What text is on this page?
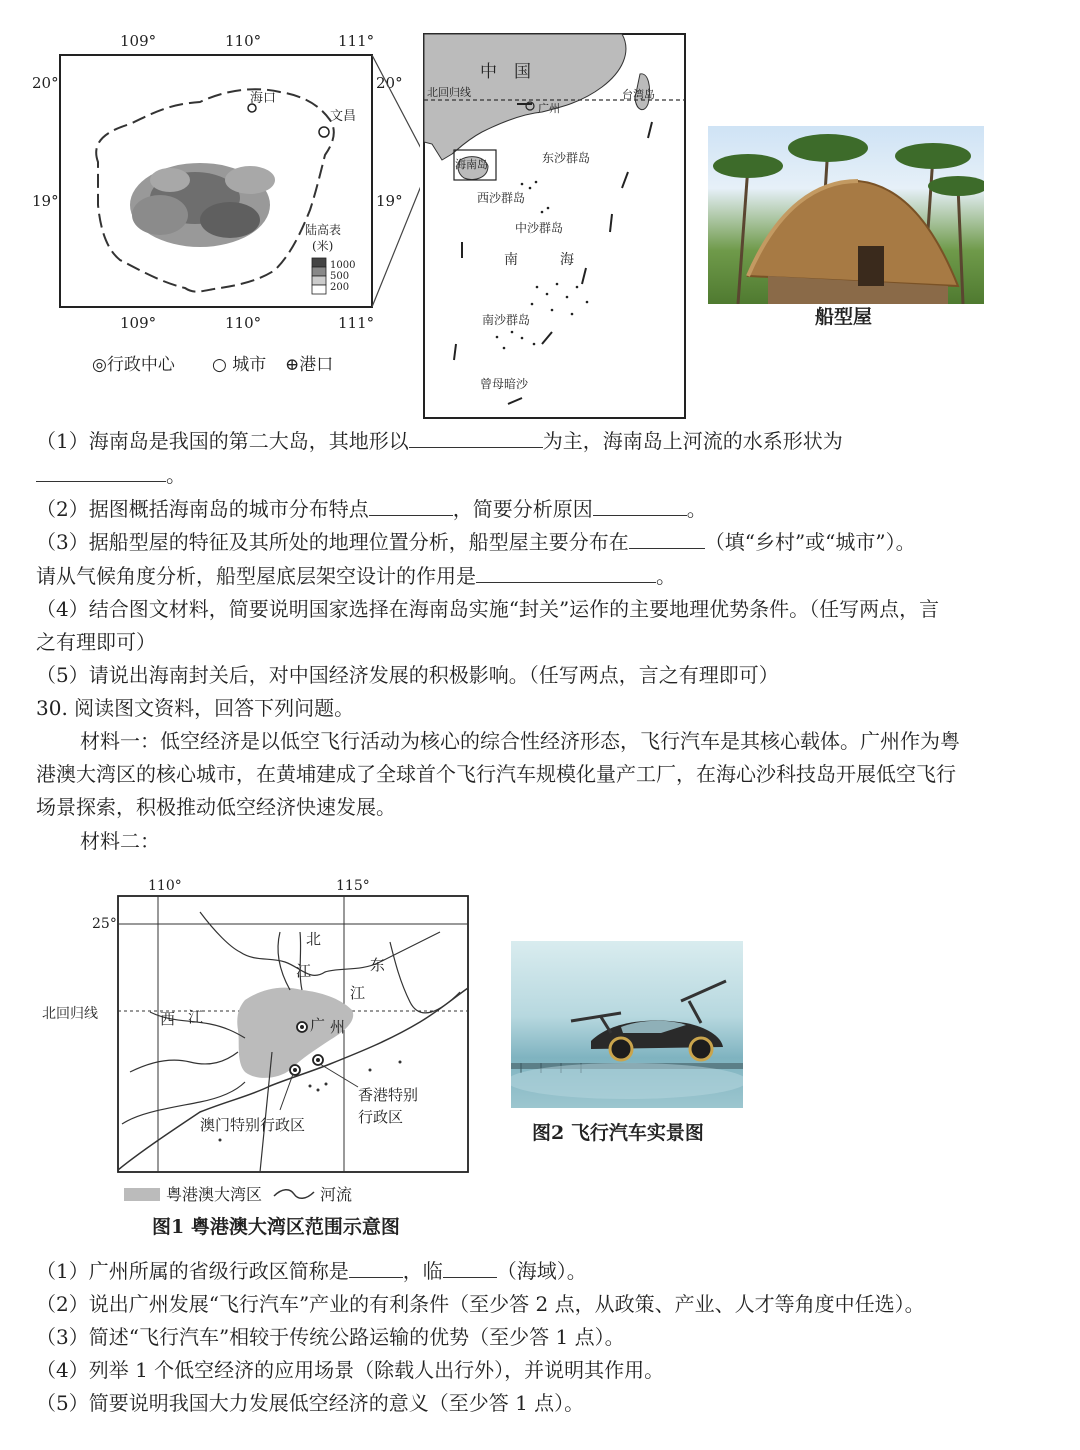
109°	110°	111°
109°	110°	111°
20°
19°
20°
19°
海口
文昌
陆高表
(米)
1000
500
200
◎行政中心 ○ 城市 ⊕港口
中　国
北回归线
广州
台湾岛
海南岛	东沙群岛
西沙群岛
中沙群岛
南	海
南沙群岛
曾母暗沙
船型屋
（1）海南岛是我国的第二大岛，其地形以	为主，海南岛上河流的水系形状为
。
（2）据图概括海南岛的城市分布特点	，简要分析原因	。
（3）据船型屋的特征及其所处的地理位置分析，船型屋主要分布在	（填“乡村”或“城市”）。
请从气候角度分析，船型屋底层架空设计的作用是	。
（4）结合图文材料，简要说明国家选择在海南岛实施“封关”运作的主要地理优势条件。（任写两点，言
之有理即可）
（5）请说出海南封关后，对中国经济发展的积极影响。（任写两点，言之有理即可）
30. 阅读图文资料，回答下列问题。
材料一：低空经济是以低空飞行活动为核心的综合性经济形态，飞行汽车是其核心载体。广州作为粤
港澳大湾区的核心城市，在黄埔建成了全球首个飞行汽车规模化量产工厂，在海心沙科技岛开展低空飞行
场景探索，积极推动低空经济快速发展。
材料二：
110°	115°
25°
北回归线
北
江	东
江
西 江	广 州
香港特别
行政区
澳门特别行政区
粤港澳大湾区	河流
图1 粤港澳大湾区范围示意图
图2 飞行汽车实景图
（1）广州所属的省级行政区简称是	，临	（海域）。
（2）说出广州发展“飞行汽车”产业的有利条件（至少答 2 点，从政策、产业、人才等角度中任选）。
（3）简述“飞行汽车”相较于传统公路运输的优势（至少答 1 点）。
（4）列举 1 个低空经济的应用场景（除载人出行外），并说明其作用。
（5）简要说明我国大力发展低空经济的意义（至少答 1 点）。
